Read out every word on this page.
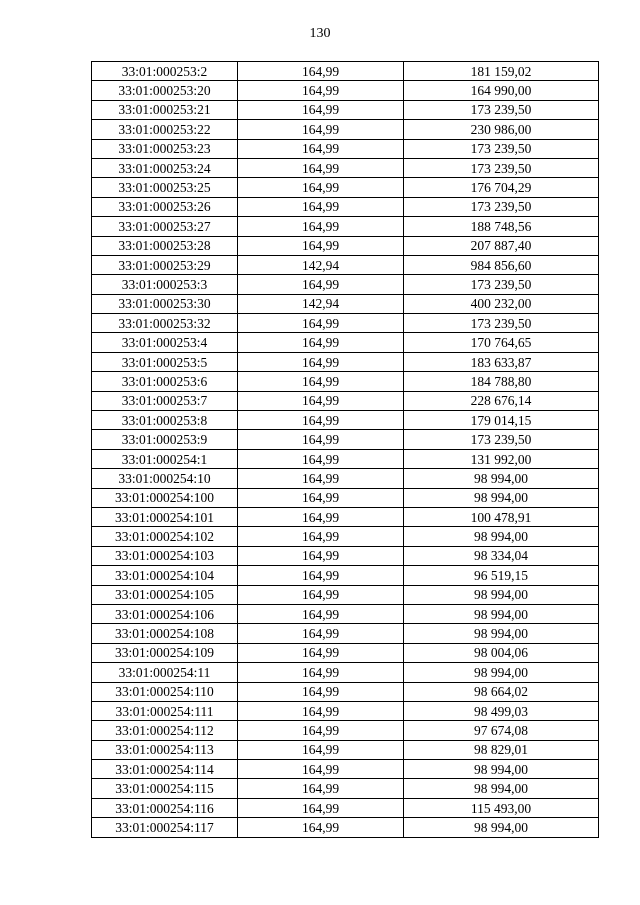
130
33:01:000253:2	164,99	181 159,02
33:01:000253:20	164,99	164 990,00
33:01:000253:21	164,99	173 239,50
33:01:000253:22	164,99	230 986,00
33:01:000253:23	164,99	173 239,50
33:01:000253:24	164,99	173 239,50
33:01:000253:25	164,99	176 704,29
33:01:000253:26	164,99	173 239,50
33:01:000253:27	164,99	188 748,56
33:01:000253:28	164,99	207 887,40
33:01:000253:29	142,94	984 856,60
33:01:000253:3	164,99	173 239,50
33:01:000253:30	142,94	400 232,00
33:01:000253:32	164,99	173 239,50
33:01:000253:4	164,99	170 764,65
33:01:000253:5	164,99	183 633,87
33:01:000253:6	164,99	184 788,80
33:01:000253:7	164,99	228 676,14
33:01:000253:8	164,99	179 014,15
33:01:000253:9	164,99	173 239,50
33:01:000254:1	164,99	131 992,00
33:01:000254:10	164,99	98 994,00
33:01:000254:100	164,99	98 994,00
33:01:000254:101	164,99	100 478,91
33:01:000254:102	164,99	98 994,00
33:01:000254:103	164,99	98 334,04
33:01:000254:104	164,99	96 519,15
33:01:000254:105	164,99	98 994,00
33:01:000254:106	164,99	98 994,00
33:01:000254:108	164,99	98 994,00
33:01:000254:109	164,99	98 004,06
33:01:000254:11	164,99	98 994,00
33:01:000254:110	164,99	98 664,02
33:01:000254:111	164,99	98 499,03
33:01:000254:112	164,99	97 674,08
33:01:000254:113	164,99	98 829,01
33:01:000254:114	164,99	98 994,00
33:01:000254:115	164,99	98 994,00
33:01:000254:116	164,99	115 493,00
33:01:000254:117	164,99	98 994,00
